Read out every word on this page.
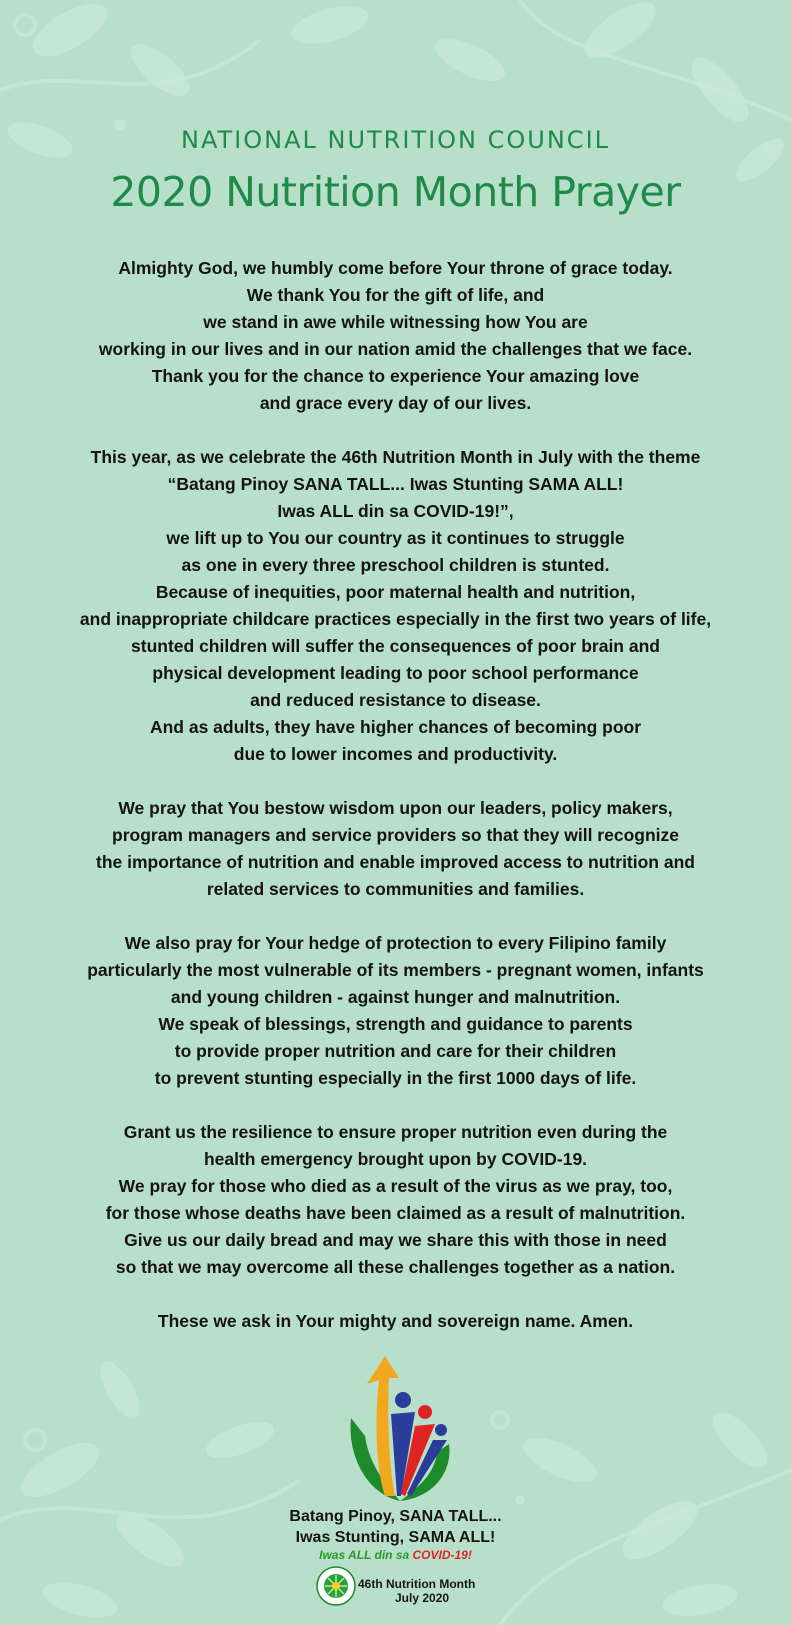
NATIONAL NUTRITION COUNCIL
2020 Nutrition Month Prayer
Almighty God, we humbly come before Your throne of grace today.
We thank You for the gift of life, and
we stand in awe while witnessing how You are
working in our lives and in our nation amid the challenges that we face.
Thank you for the chance to experience Your amazing love
and grace every day of our lives.
This year, as we celebrate the 46th Nutrition Month in July with the theme
“Batang Pinoy SANA TALL... Iwas Stunting SAMA ALL!
Iwas ALL din sa COVID-19!”,
we lift up to You our country as it continues to struggle
as one in every three preschool children is stunted.
Because of inequities, poor maternal health and nutrition,
and inappropriate childcare practices especially in the first two years of life,
stunted children will suffer the consequences of poor brain and
physical development leading to poor school performance
and reduced resistance to disease.
And as adults, they have higher chances of becoming poor
due to lower incomes and productivity.
We pray that You bestow wisdom upon our leaders, policy makers,
program managers and service providers so that they will recognize
the importance of nutrition and enable improved access to nutrition and
related services to communities and families.
We also pray for Your hedge of protection to every Filipino family
particularly the most vulnerable of its members - pregnant women, infants
and young children - against hunger and malnutrition.
We speak of blessings, strength and guidance to parents
to provide proper nutrition and care for their children
to prevent stunting especially in the first 1000 days of life.
Grant us the resilience to ensure proper nutrition even during the
health emergency brought upon by COVID-19.
We pray for those who died as a result of the virus as we pray, too,
for those whose deaths have been claimed as a result of malnutrition.
Give us our daily bread and may we share this with those in need
so that we may overcome all these challenges together as a nation.
These we ask in Your mighty and sovereign name. Amen.
Batang Pinoy, SANA TALL...
Iwas Stunting, SAMA ALL!
Iwas ALL din sa COVID-19!
46th Nutrition Month
July 2020
